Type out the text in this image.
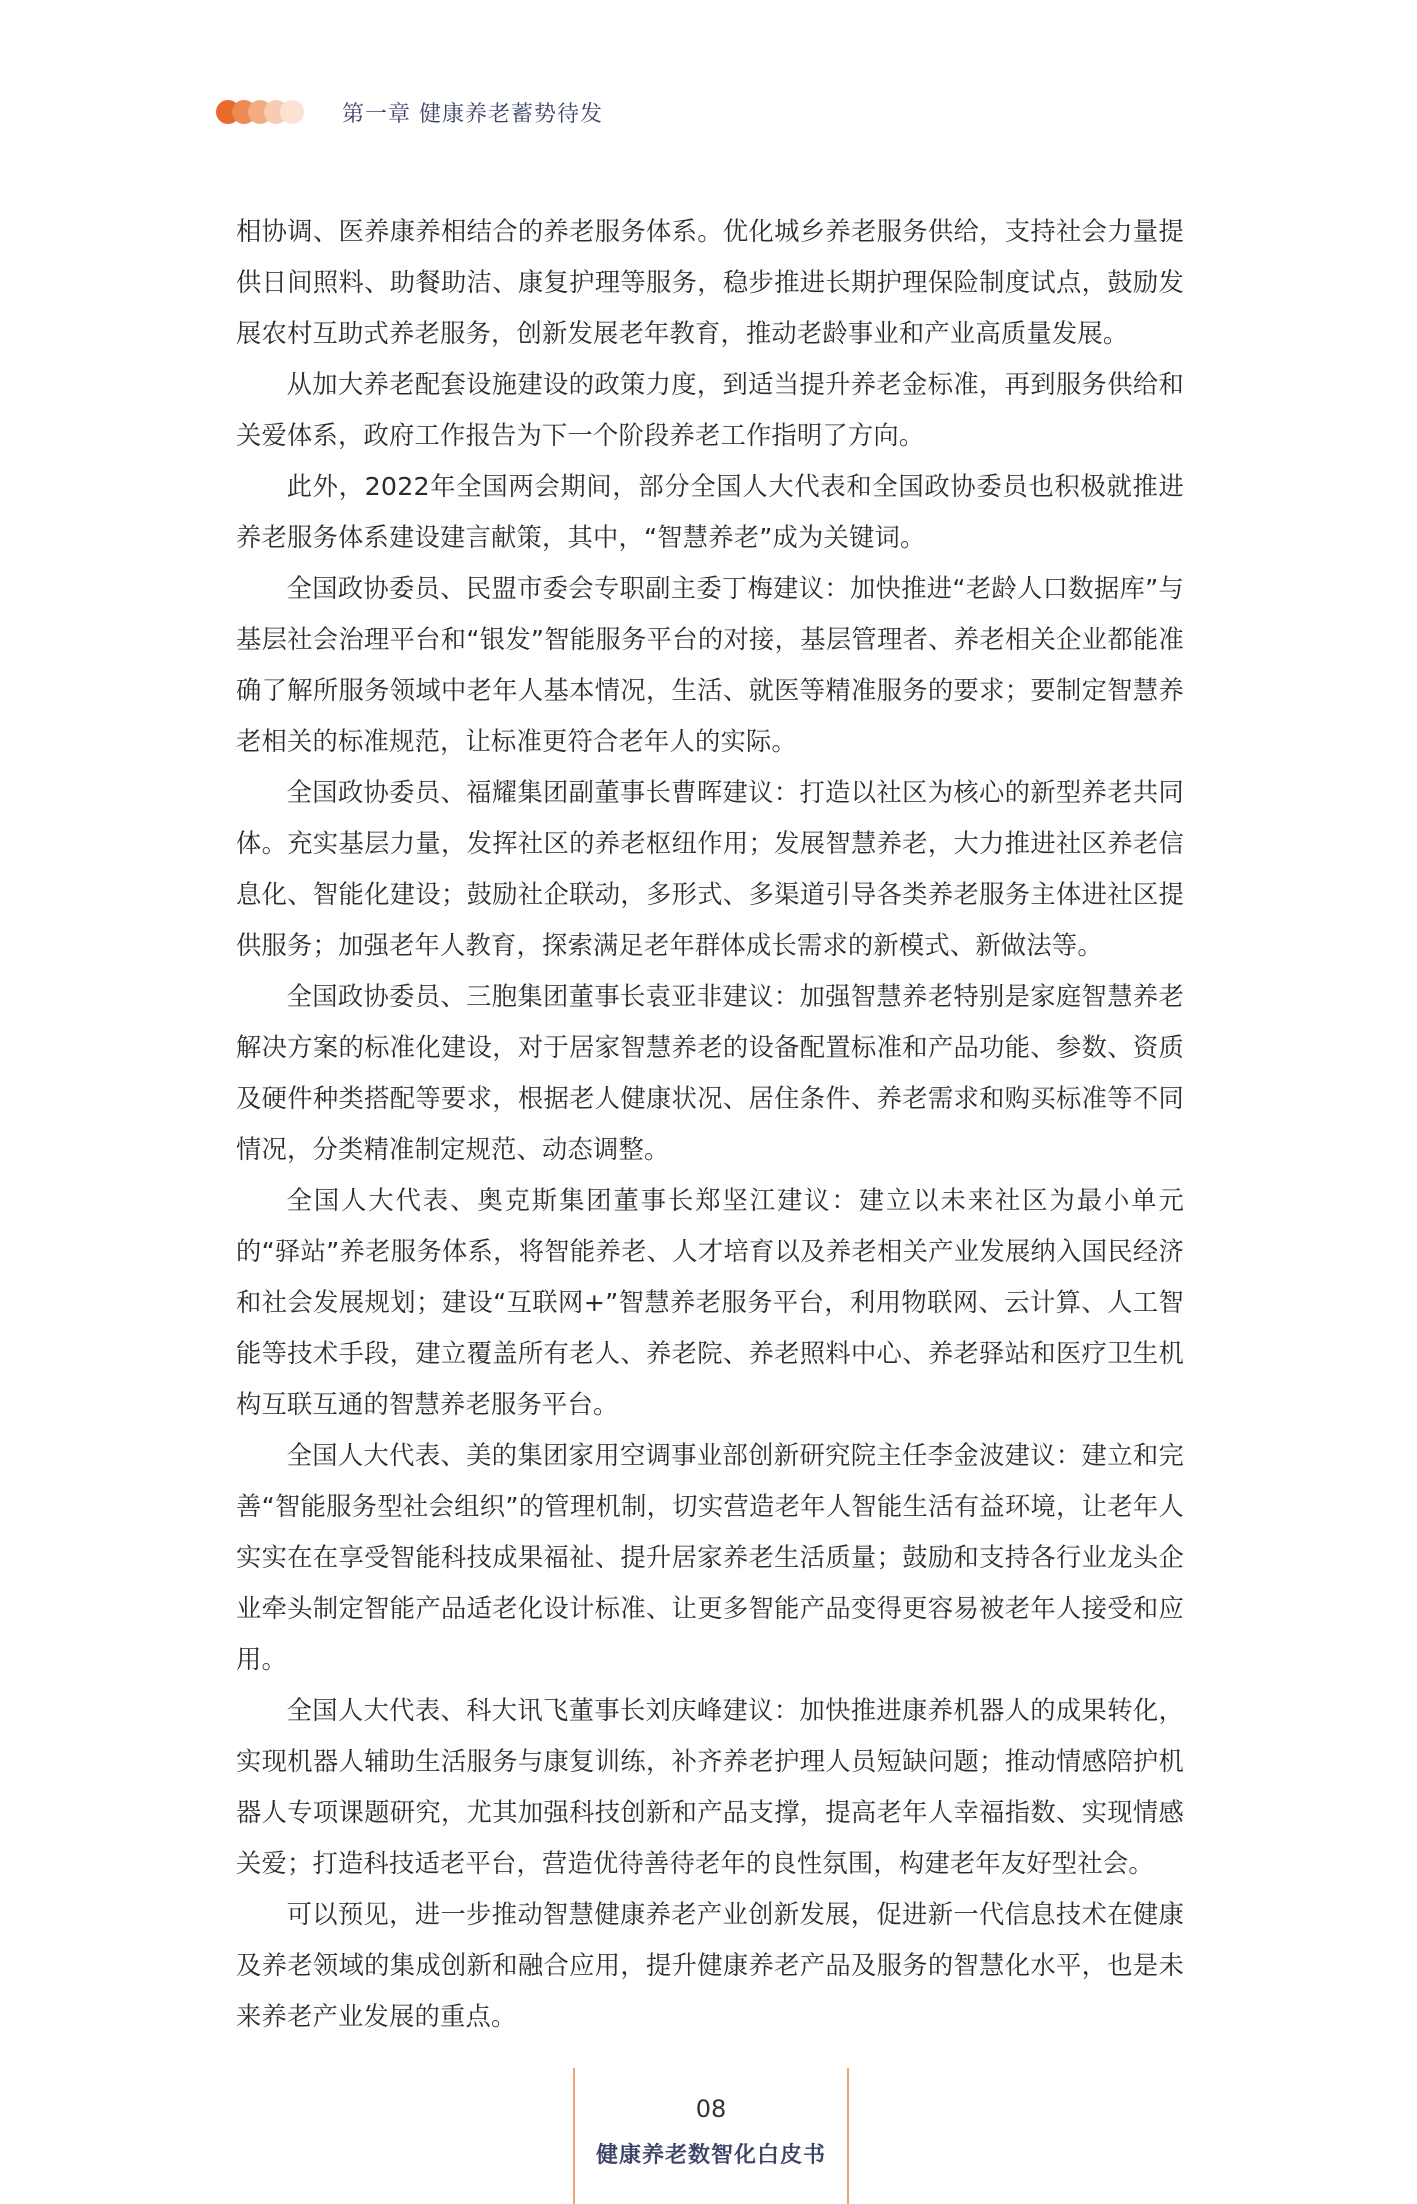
第一章 健康养老蓄势待发

相协调、医养康养相结合的养老服务体系。优化城乡养老服务供给，支持社会力量提供日间照料、助餐助洁、康复护理等服务，稳步推进长期护理保险制度试点，鼓励发展农村互助式养老服务，创新发展老年教育，推动老龄事业和产业高质量发展。

从加大养老配套设施建设的政策力度，到适当提升养老金标准，再到服务供给和关爱体系，政府工作报告为下一个阶段养老工作指明了方向。

此外，2022年全国两会期间，部分全国人大代表和全国政协委员也积极就推进养老服务体系建设建言献策，其中，“智慧养老”成为关键词。

全国政协委员、民盟市委会专职副主委丁梅建议：加快推进“老龄人口数据库”与基层社会治理平台和“银发”智能服务平台的对接，基层管理者、养老相关企业都能准确了解所服务领域中老年人基本情况，生活、就医等精准服务的要求；要制定智慧养老相关的标准规范，让标准更符合老年人的实际。

全国政协委员、福耀集团副董事长曹晖建议：打造以社区为核心的新型养老共同体。充实基层力量，发挥社区的养老枢纽作用；发展智慧养老，大力推进社区养老信息化、智能化建设；鼓励社企联动，多形式、多渠道引导各类养老服务主体进社区提供服务；加强老年人教育，探索满足老年群体成长需求的新模式、新做法等。

全国政协委员、三胞集团董事长袁亚非建议：加强智慧养老特别是家庭智慧养老解决方案的标准化建设，对于居家智慧养老的设备配置标准和产品功能、参数、资质及硬件种类搭配等要求，根据老人健康状况、居住条件、养老需求和购买标准等不同情况，分类精准制定规范、动态调整。

全国人大代表、奥克斯集团董事长郑坚江建议：建立以未来社区为最小单元的“驿站”养老服务体系，将智能养老、人才培育以及养老相关产业发展纳入国民经济和社会发展规划；建设“互联网+”智慧养老服务平台，利用物联网、云计算、人工智能等技术手段，建立覆盖所有老人、养老院、养老照料中心、养老驿站和医疗卫生机构互联互通的智慧养老服务平台。

全国人大代表、美的集团家用空调事业部创新研究院主任李金波建议：建立和完善“智能服务型社会组织”的管理机制，切实营造老年人智能生活有益环境，让老年人实实在在享受智能科技成果福祉、提升居家养老生活质量；鼓励和支持各行业龙头企业牵头制定智能产品适老化设计标准、让更多智能产品变得更容易被老年人接受和应用。

全国人大代表、科大讯飞董事长刘庆峰建议：加快推进康养机器人的成果转化，实现机器人辅助生活服务与康复训练，补齐养老护理人员短缺问题；推动情感陪护机器人专项课题研究，尤其加强科技创新和产品支撑，提高老年人幸福指数、实现情感关爱；打造科技适老平台，营造优待善待老年的良性氛围，构建老年友好型社会。

可以预见，进一步推动智慧健康养老产业创新发展，促进新一代信息技术在健康及养老领域的集成创新和融合应用，提升健康养老产品及服务的智慧化水平，也是未来养老产业发展的重点。

08
健康养老数智化白皮书
